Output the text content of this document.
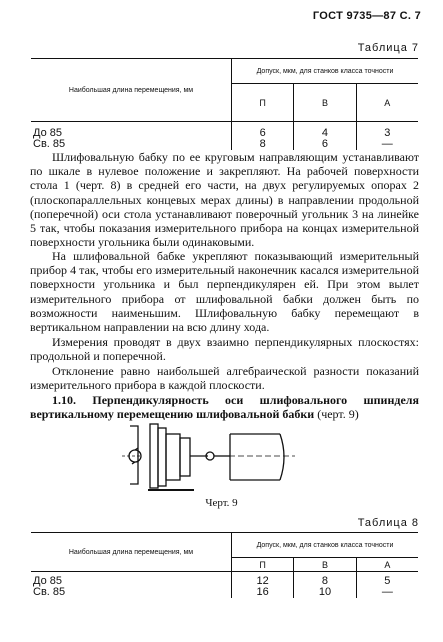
ГОСТ 9735—87 С. 7
Таблица 7
Наибольшая длина перемещения, мм	Допуск, мкм, для станков класса точности		
	П	В	А
До 85	6	4	3
Св. 85	8	6	—

Шлифовальную бабку по ее круговым направляющим устанавливают по шкале в нулевое положение и закрепляют. На рабочей поверхности стола 1 (черт. 8) в средней его части, на двух регулируемых опорах 2 (плоскопараллельных концевых мерах длины) в направлении продольной (поперечной) оси стола устанавливают поверочный угольник 3 на линейке 5 так, чтобы показания измерительного прибора на концах измерительной поверхности угольника были одинаковыми.

На шлифовальной бабке укрепляют показывающий измерительный прибор 4 так, чтобы его измерительный наконечник касался измерительной поверхности угольника и был перпендикулярен ей. При этом вылет измерительного прибора от шлифовальной бабки должен быть по возможности наименьшим. Шлифовальную бабку перемещают в вертикальном направлении на всю длину хода.

Измерения проводят в двух взаимно перпендикулярных плоскостях: продольной и поперечной.

Отклонение равно наибольшей алгебраической разности показаний измерительного прибора в каждой плоскости.

1.10. Перпендикулярность оси шлифовального шпинделя вертикальному перемещению шлифовальной бабки (черт. 9)

Черт. 9
Таблица 8
Наибольшая длина перемещения, мм	Допуск, мкм, для станков класса точности		
	П	В	А
До 85	12	8	5
Св. 85	16	10	—
